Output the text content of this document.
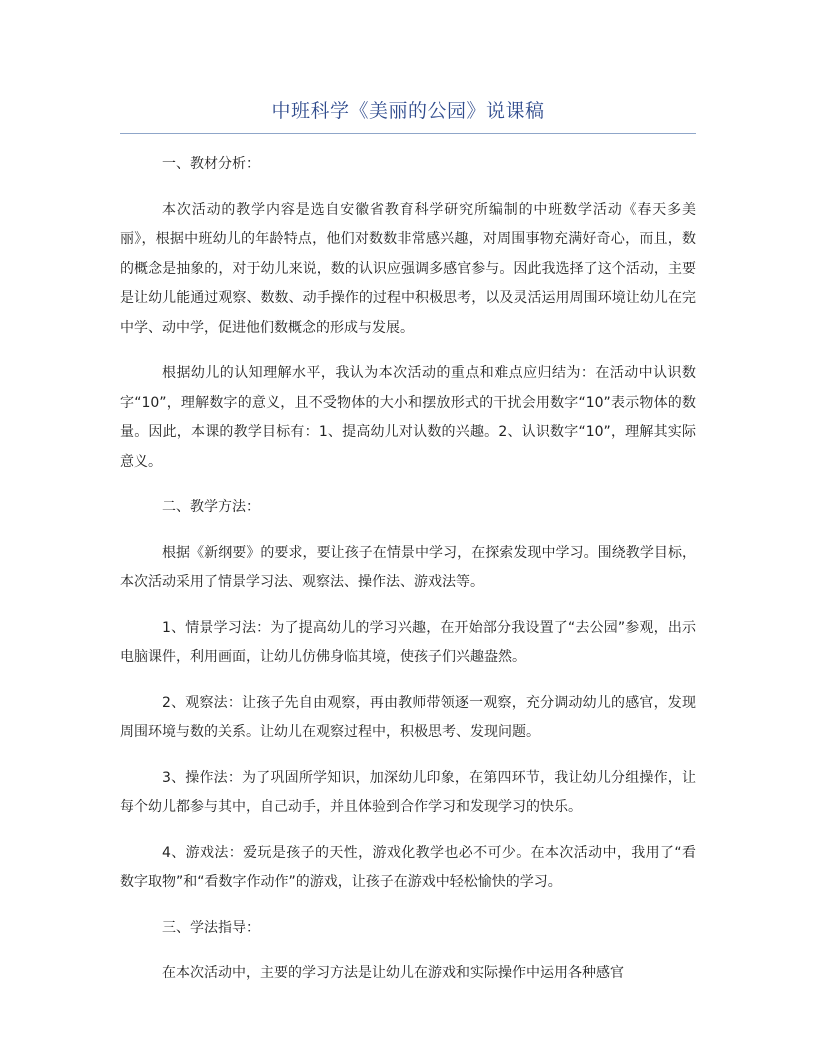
中班科学《美丽的公园》说课稿

一、教材分析：

本次活动的教学内容是选自安徽省教育科学研究所编制的中班数学活动《春天多美丽》，根据中班幼儿的年龄特点，他们对数数非常感兴趣，对周围事物充满好奇心，而且，数的概念是抽象的，对于幼儿来说，数的认识应强调多感官参与。因此我选择了这个活动，主要是让幼儿能通过观察、数数、动手操作的过程中积极思考，以及灵活运用周围环境让幼儿在完中学、动中学，促进他们数概念的形成与发展。

根据幼儿的认知理解水平，我认为本次活动的重点和难点应归结为：在活动中认识数字“10”，理解数字的意义，且不受物体的大小和摆放形式的干扰会用数字“10”表示物体的数量。因此，本课的教学目标有：1、提高幼儿对认数的兴趣。2、认识数字“10”，理解其实际意义。

二、教学方法：

根据《新纲要》的要求，要让孩子在情景中学习，在探索发现中学习。围绕教学目标，本次活动采用了情景学习法、观察法、操作法、游戏法等。

1、情景学习法：为了提高幼儿的学习兴趣，在开始部分我设置了“去公园”参观，出示电脑课件，利用画面，让幼儿仿佛身临其境，使孩子们兴趣盎然。

2、观察法：让孩子先自由观察，再由教师带领逐一观察，充分调动幼儿的感官，发现周围环境与数的关系。让幼儿在观察过程中，积极思考、发现问题。

3、操作法：为了巩固所学知识，加深幼儿印象，在第四环节，我让幼儿分组操作，让每个幼儿都参与其中，自己动手，并且体验到合作学习和发现学习的快乐。

4、游戏法：爱玩是孩子的天性，游戏化教学也必不可少。在本次活动中，我用了“看数字取物”和“看数字作动作”的游戏，让孩子在游戏中轻松愉快的学习。

三、学法指导：

在本次活动中，主要的学习方法是让幼儿在游戏和实际操作中运用各种感官
